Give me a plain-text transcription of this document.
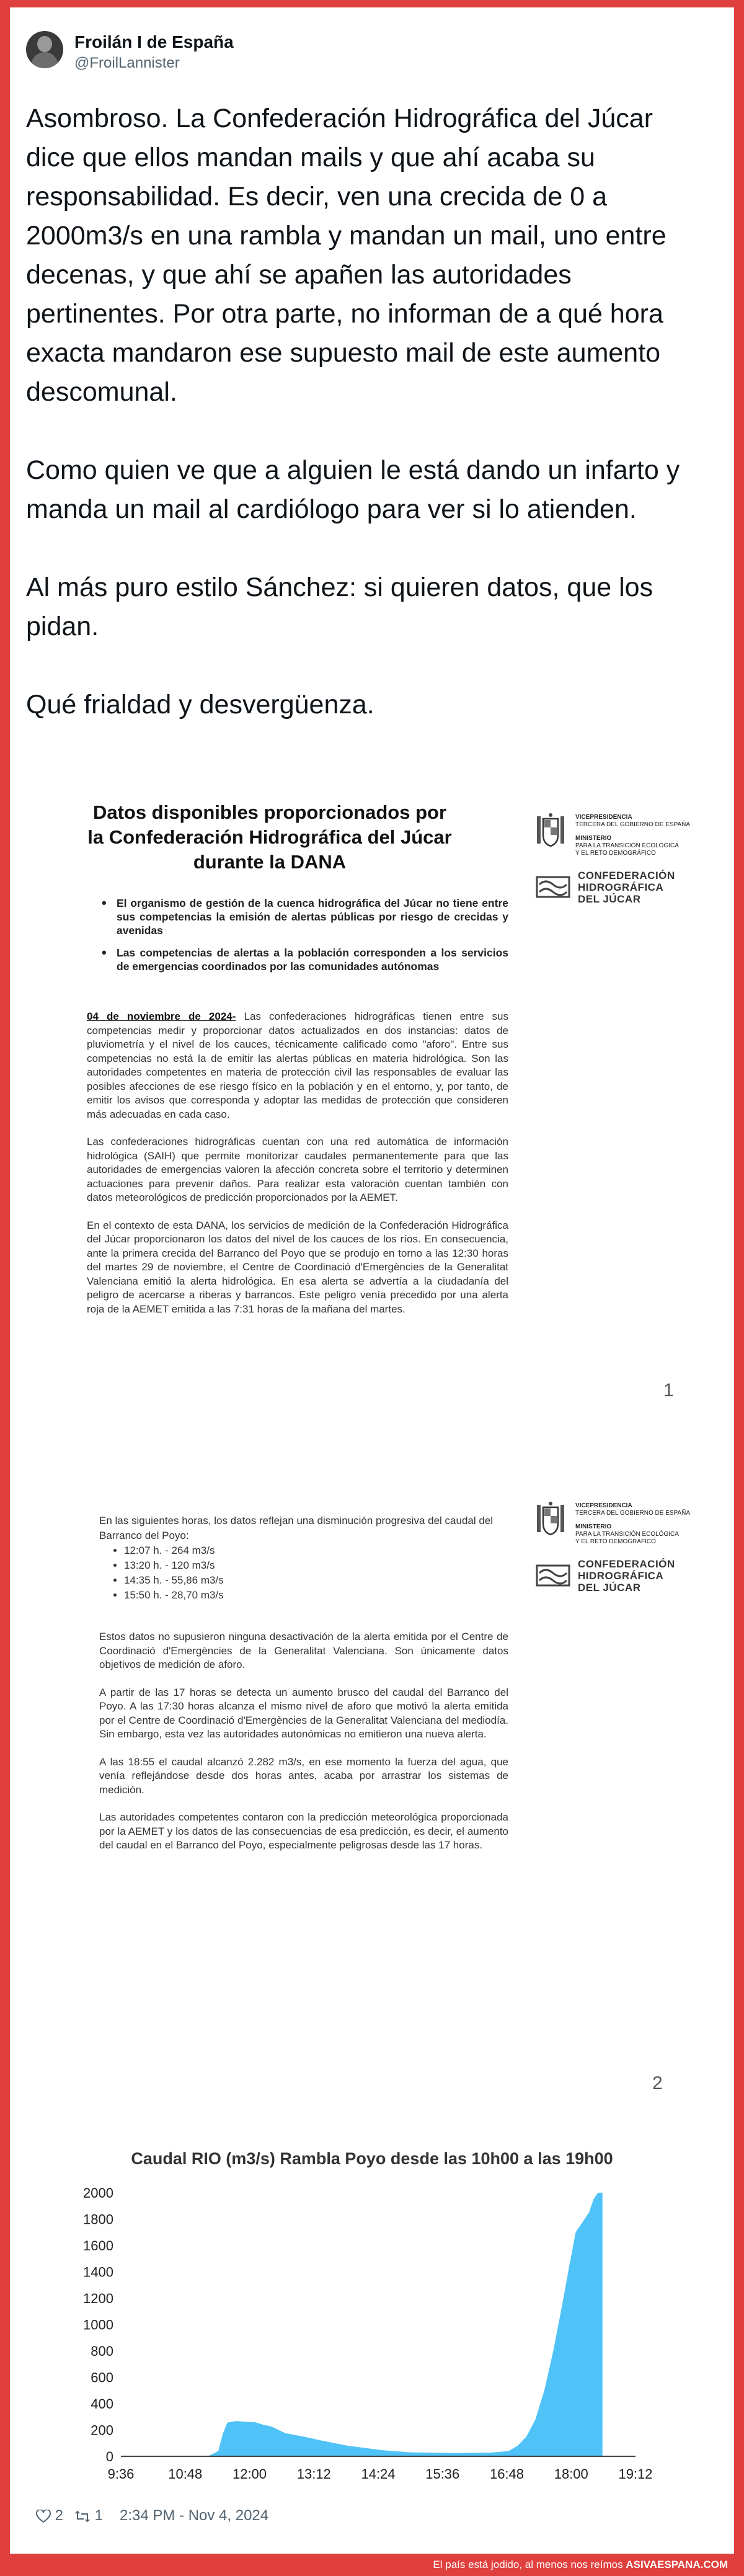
Froilán I de España
@FroilLannister

Asombroso. La Confederación Hidrográfica del Júcar dice que ellos mandan mails y que ahí acaba su responsabilidad. Es decir, ven una crecida de 0 a 2000m3/s en una rambla y mandan un mail, uno entre decenas, y que ahí se apañen las autoridades pertinentes. Por otra parte, no informan de a qué hora exacta mandaron ese supuesto mail de este aumento descomunal.

Como quien ve que a alguien le está dando un infarto y manda un mail al cardiólogo para ver si lo atienden.

Al más puro estilo Sánchez: si quieren datos, que los pidan.

Qué frialdad y desvergüenza.

VICEPRESIDENCIA
TERCERA DEL GOBIERNO DE ESPAÑA
MINISTERIO
PARA LA TRANSICIÓN ECOLÓGICA
Y EL RETO DEMOGRÁFICO
CONFEDERACIÓN
HIDROGRÁFICA
DEL JÚCAR
Datos disponibles proporcionados por la Confederación Hidrográfica del Júcar durante la DANA
• El organismo de gestión de la cuenca hidrográfica del Júcar no tiene entre sus competencias la emisión de alertas públicas por riesgo de crecidas y avenidas
• Las competencias de alertas a la población corresponden a los servicios de emergencias coordinados por las comunidades autónomas

04 de noviembre de 2024- Las confederaciones hidrográficas tienen entre sus competencias medir y proporcionar datos actualizados en dos instancias: datos de pluviometría y el nivel de los cauces, técnicamente calificado como "aforo". Entre sus competencias no está la de emitir las alertas públicas en materia hidrológica. Son las autoridades competentes en materia de protección civil las responsables de evaluar las posibles afecciones de ese riesgo físico en la población y en el entorno, y, por tanto, de emitir los avisos que corresponda y adoptar las medidas de protección que consideren más adecuadas en cada caso.

Las confederaciones hidrográficas cuentan con una red automática de información hidrológica (SAIH) que permite monitorizar caudales permanentemente para que las autoridades de emergencias valoren la afección concreta sobre el territorio y determinen actuaciones para prevenir daños. Para realizar esta valoración cuentan también con datos meteorológicos de predicción proporcionados por la AEMET.

En el contexto de esta DANA, los servicios de medición de la Confederación Hidrográfica del Júcar proporcionaron los datos del nivel de los cauces de los ríos. En consecuencia, ante la primera crecida del Barranco del Poyo que se produjo en torno a las 12:30 horas del martes 29 de noviembre, el Centre de Coordinació d'Emergències de la Generalitat Valenciana emitió la alerta hidrológica. En esa alerta se advertía a la ciudadanía del peligro de acercarse a riberas y barrancos. Este peligro venía precedido por una alerta roja de la AEMET emitida a las 7:31 horas de la mañana del martes.

1
VICEPRESIDENCIA
TERCERA DEL GOBIERNO DE ESPAÑA
MINISTERIO
PARA LA TRANSICIÓN ECOLÓGICA
Y EL RETO DEMOGRÁFICO
CONFEDERACIÓN
HIDROGRÁFICA
DEL JÚCAR
En las siguientes horas, los datos reflejan una disminución progresiva del caudal del Barranco del Poyo:
• 12:07 h. - 264 m3/s
• 13:20 h. - 120 m3/s
• 14:35 h. - 55,86 m3/s
• 15:50 h. - 28,70 m3/s

Estos datos no supusieron ninguna desactivación de la alerta emitida por el Centre de Coordinació d'Emergències de la Generalitat Valenciana. Son únicamente datos objetivos de medición de aforo.

A partir de las 17 horas se detecta un aumento brusco del caudal del Barranco del Poyo. A las 17:30 horas alcanza el mismo nivel de aforo que motivó la alerta emitida por el Centre de Coordinació d'Emergències de la Generalitat Valenciana del mediodía. Sin embargo, esta vez las autoridades autonómicas no emitieron una nueva alerta.

A las 18:55 el caudal alcanzó 2.282 m3/s, en ese momento la fuerza del agua, que venía reflejándose desde dos horas antes, acaba por arrastrar los sistemas de medición.

Las autoridades competentes contaron con la predicción meteorológica proporcionada por la AEMET y los datos de las consecuencias de esa predicción, es decir, el aumento del caudal en el Barranco del Poyo, especialmente peligrosas desde las 17 horas.

2
Caudal RIO (m3/s) Rambla Poyo desde las 10h00 a las 19h00
0
200
400
600
800
1000
1200
1400
1600
1800
2000
9:36 10:48 12:00 13:12 14:24 15:36 16:48 18:00 19:12
2	1 2:34 PM - Nov 4, 2024
El país está jodido, al menos nos reímos ASIVAESPANA.COM
